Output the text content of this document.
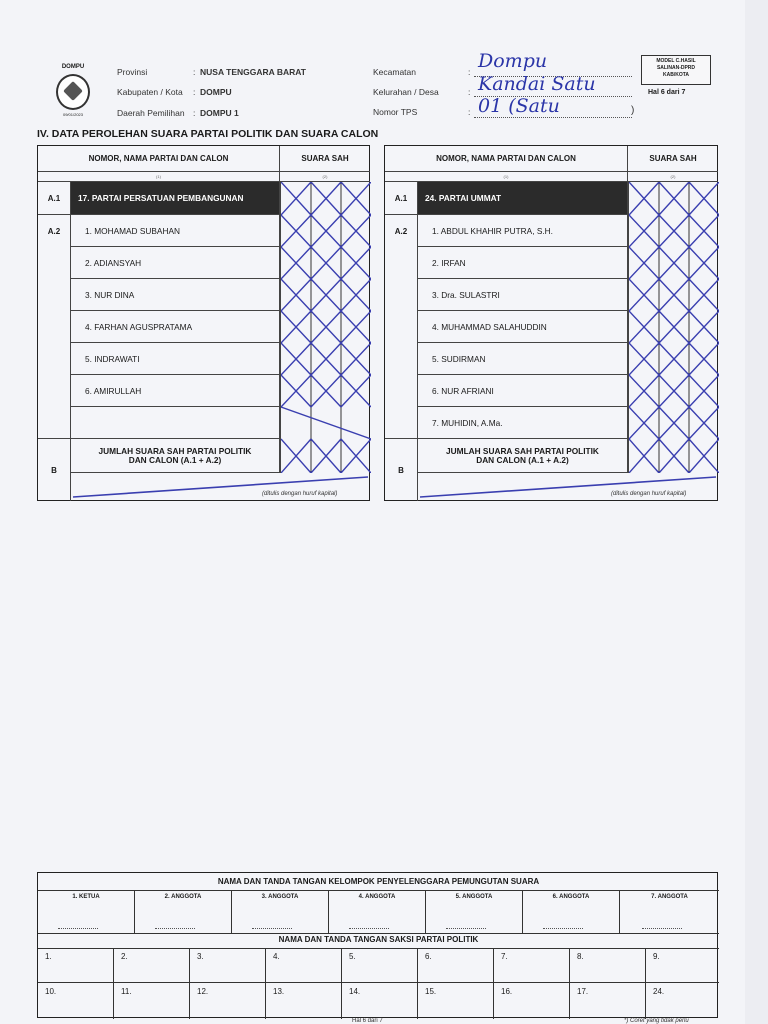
DOMPU
09/01/2023
Provinsi	: NUSA TENGGARA BARAT
Kabupaten / Kota : DOMPU
Daerah Pemilihan : DOMPU 1
Kecamatan	: Dompu
Kelurahan / Desa	: Kandai Satu
Nomor TPS	: 01 (Satu	)
MODEL C.HASIL
SALINAN-DPRD
KAB/KOTA
Hal 6 dari 7
IV. DATA PEROLEHAN SUARA PARTAI POLITIK DAN SUARA CALON
NOMOR, NAMA PARTAI DAN CALON	SUARA SAH
(1)	(2)
A.1	17. PARTAI PERSATUAN PEMBANGUNAN
A.2	1. MOHAMAD SUBAHAN
2. ADIANSYAH
3. NUR DINA
4. FARHAN AGUSPRATAMA
5. INDRAWATI
6. AMIRULLAH
B
JUMLAH SUARA SAH PARTAI POLITIK
DAN CALON (A.1 + A.2)
(ditulis dengan huruf kapital)
NOMOR, NAMA PARTAI DAN CALON	SUARA SAH
(1)	(2)
A.1	24. PARTAI UMMAT
A.2	1. ABDUL KHAHIR PUTRA, S.H.
2. IRFAN
3. Dra. SULASTRI
4. MUHAMMAD SALAHUDDIN
5. SUDIRMAN
6. NUR AFRIANI
7. MUHIDIN, A.Ma.
B
JUMLAH SUARA SAH PARTAI POLITIK
DAN CALON (A.1 + A.2)
(ditulis dengan huruf kapital)
NAMA DAN TANDA TANGAN KELOMPOK PENYELENGGARA PEMUNGUTAN SUARA
1. KETUA	2. ANGGOTA	3. ANGGOTA	4. ANGGOTA	5. ANGGOTA	6. ANGGOTA	7. ANGGOTA
NAMA DAN TANDA TANGAN SAKSI PARTAI POLITIK
1.	2.	3.	4.	5.	6.	7.	8.	9.
10.	11.	12.	13.	14.	15.	16.	17.	24.
Hal 6 dari 7	*) Coret yang tidak perlu
